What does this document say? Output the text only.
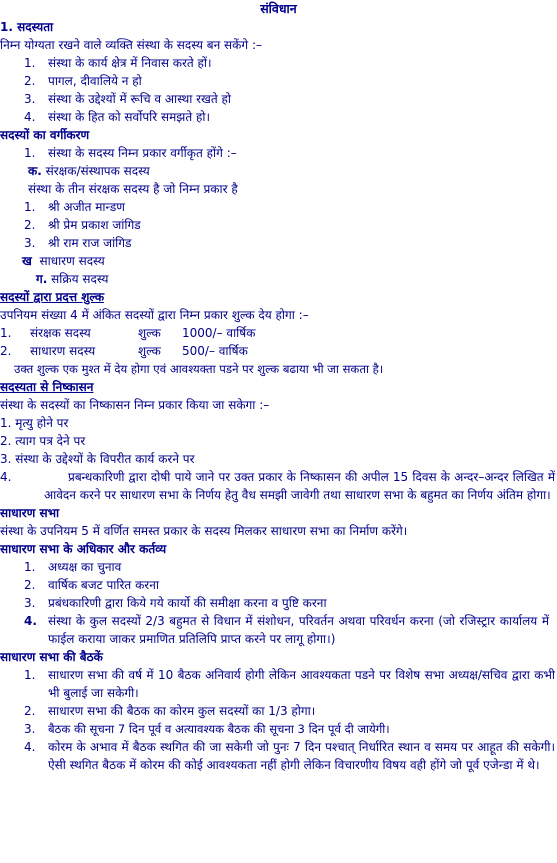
संविधान
1. सदस्यता
निम्न योग्यता रखने वाले व्यक्ति संस्था के सदस्य बन सकेंगे :–
1. संस्था के कार्य क्षेत्र में निवास करते हों।
2. पागल, दीवालिये न हो
3. संस्था के उद्देश्यों में रूचि व आस्था रखते हो
4. संस्था के हित को सर्वोपरि समझते हो।
सदस्यों का वर्गीकरण
1. संस्था के सदस्य निम्न प्रकार वर्गीकृत होंगे :–
क. संरक्षक/संस्थापक सदस्य
संस्था के तीन संरक्षक सदस्य है जो निम्न प्रकार है
1. श्री अजीत मान्डण
2. श्री प्रेम प्रकाश जांगिड
3. श्री राम राज जांगिड
ख साधारण सदस्य
ग. सक्रिय सदस्य
सदस्यों द्वारा प्रदत्त शुल्क
उपनियम संख्या 4 में अंकित सदस्यों द्वारा निम्न प्रकार शुल्क देय होगा :–
1. संरक्षक सदस्य	शुल्क 1000/– वार्षिक
2. साधारण सदस्य	शुल्क 500/– वार्षिक
उक्त शुल्क एक मुश्त में देय होगा एवं आवश्यक्ता पडने पर शुल्क बढाया भी जा सकता है।
सदस्यता से निष्कासन
संस्था के सदस्यों का निष्कासन निम्न प्रकार किया जा सकेगा :–
1. मृत्यु होने पर
2. त्याग पत्र देने पर
3. संस्था के उद्देश्यों के विपरीत कार्य करने पर
4.	प्रबन्धकारिणी द्वारा दोषी पाये जाने पर उक्त प्रकार के निष्कासन की अपील 15 दिवस के अन्दर–अन्दर लिखित में आवेदन करने पर साधारण सभा के निर्णय हेतु वैध समझी जावेगी तथा साधारण सभा के बहुमत का निर्णय अंतिम होगा।
साधारण सभा
संस्था के उपनियम 5 में वर्णित समस्त प्रकार के सदस्य मिलकर साधारण सभा का निर्माण करेंगे।
साधारण सभा के अधिकार और कर्तव्य
1. अध्यक्ष का चुनाव
2. वार्षिक बजट पारित करना
3. प्रबंधकारिणी द्वारा किये गये कार्यो की समीक्षा करना व पुष्टि करना
4. संस्था के कुल सदस्यों 2/3 बहुमत से विधान में संशोधन, परिवर्तन अथवा परिवर्धन करना (जो रजिस्ट्रार कार्यालय में फाईल कराया जाकर प्रमाणित प्रतिलिपि प्राप्त करने पर लागू होगा।)
साधारण सभा की बैठकें
1.	साधारण सभा की वर्ष में 10 बैठक अनिवार्य होगी लेकिन आवश्यकता पडने पर विशेष सभा अध्यक्ष/सचिव द्वारा कभी भी बुलाई जा सकेगी।
2. साधारण सभा की बैठक का कोरम कुल सदस्यों का 1/3 होगा।
3. बैठक की सूचना 7 दिन पूर्व व अत्यावश्यक बैठक की सूचना 3 दिन पूर्व दी जायेगी।
4.	कोरम के अभाव में बैठक स्थगित की जा सकेगी जो पुनः 7 दिन पश्चात् निर्धारित स्थान व समय पर आहूत की सकेगी। ऐसी स्थगित बैठक में कोरम की कोई आवश्यकता नहीं होगी लेकिन विचारणीय विषय वही होंगे जो पूर्व एजेन्डा में थे।
